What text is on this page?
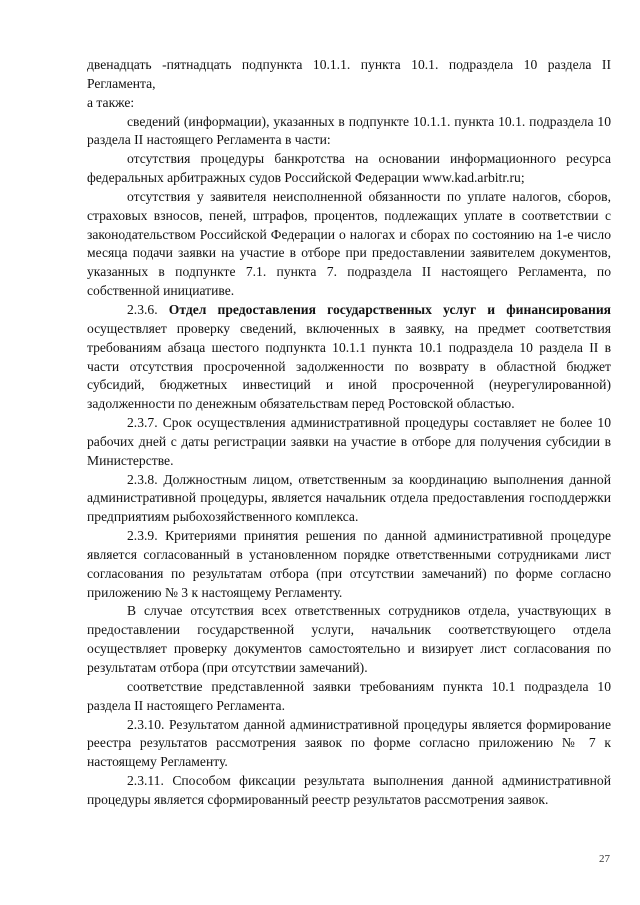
двенадцать -пятнадцать подпункта 10.1.1. пункта 10.1. подраздела 10 раздела II Регламента,

а также:

сведений (информации), указанных в подпункте 10.1.1. пункта 10.1. подраздела 10 раздела II настоящего Регламента в части:

отсутствия процедуры банкротства на основании информационного ресурса федеральных арбитражных судов Российской Федерации www.kad.arbitr.ru;

отсутствия у заявителя неисполненной обязанности по уплате налогов, сборов, страховых взносов, пеней, штрафов, процентов, подлежащих уплате в соответствии с законодательством Российской Федерации о налогах и сборах по состоянию на 1-е число месяца подачи заявки на участие в отборе при предоставлении заявителем документов, указанных в подпункте 7.1. пункта 7. подраздела II настоящего Регламента, по собственной инициативе.

2.3.6. Отдел предоставления государственных услуг и финансирования осуществляет проверку сведений, включенных в заявку, на предмет соответствия требованиям абзаца шестого подпункта 10.1.1 пункта 10.1 подраздела 10 раздела II в части отсутствия просроченной задолженности по возврату в областной бюджет субсидий, бюджетных инвестиций и иной просроченной (неурегулированной) задолженности по денежным обязательствам перед Ростовской областью.

2.3.7. Срок осуществления административной процедуры составляет не более 10 рабочих дней с даты регистрации заявки на участие в отборе для получения субсидии в Министерстве.

2.3.8. Должностным лицом, ответственным за координацию выполнения данной административной процедуры, является начальник отдела предоставления господдержки предприятиям рыбохозяйственного комплекса.

2.3.9. Критериями принятия решения по данной административной процедуре является согласованный в установленном порядке ответственными сотрудниками лист согласования по результатам отбора (при отсутствии замечаний) по форме согласно приложению № 3 к настоящему Регламенту.

В случае отсутствия всех ответственных сотрудников отдела, участвующих в предоставлении государственной услуги, начальник соответствующего отдела осуществляет проверку документов самостоятельно и визирует лист согласования по результатам отбора (при отсутствии замечаний).

соответствие представленной заявки требованиям пункта 10.1 подраздела 10 раздела II настоящего Регламента.

2.3.10. Результатом данной административной процедуры является формирование реестра результатов рассмотрения заявок по форме согласно приложению № 7 к настоящему Регламенту.

2.3.11. Способом фиксации результата выполнения данной административной процедуры является сформированный реестр результатов рассмотрения заявок.

27
